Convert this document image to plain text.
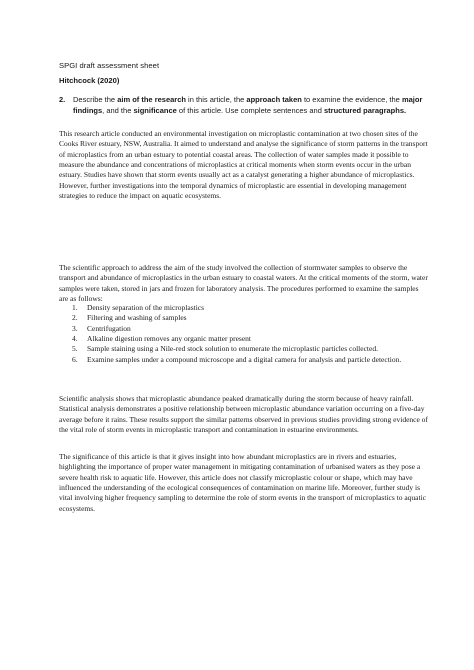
SPGI draft assessment sheet
Hitchcock (2020)
2. Describe the aim of the research in this article, the approach taken to examine the evidence, the major findings, and the significance of this article. Use complete sentences and structured paragraphs.

This research article conducted an environmental investigation on microplastic contamination at two chosen sites of the Cooks River estuary, NSW, Australia. It aimed to understand and analyse the significance of storm patterns in the transport of microplastics from an urban estuary to potential coastal areas. The collection of water samples made it possible to measure the abundance and concentrations of microplastics at critical moments when storm events occur in the urban estuary. Studies have shown that storm events usually act as a catalyst generating a higher abundance of microplastics. However, further investigations into the temporal dynamics of microplastic are essential in developing management strategies to reduce the impact on aquatic ecosystems.

The scientific approach to address the aim of the study involved the collection of stormwater samples to observe the transport and abundance of microplastics in the urban estuary to coastal waters. At the critical moments of the storm, water samples were taken, stored in jars and frozen for laboratory analysis. The procedures performed to examine the samples are as follows:

1. Density separation of the microplastics
2. Filtering and washing of samples
3. Centrifugation
4. Alkaline digestion removes any organic matter present
5. Sample staining using a Nile-red stock solution to enumerate the microplastic particles collected.
6. Examine samples under a compound microscope and a digital camera for analysis and particle detection.

Scientific analysis shows that microplastic abundance peaked dramatically during the storm because of heavy rainfall. Statistical analysis demonstrates a positive relationship between microplastic abundance variation occurring on a five-day average before it rains. These results support the similar patterns observed in previous studies providing strong evidence of the vital role of storm events in microplastic transport and contamination in estuarine environments.

The significance of this article is that it gives insight into how abundant microplastics are in rivers and estuaries, highlighting the importance of proper water management in mitigating contamination of urbanised waters as they pose a severe health risk to aquatic life. However, this article does not classify microplastic colour or shape, which may have influenced the understanding of the ecological consequences of contamination on marine life. Moreover, further study is vital involving higher frequency sampling to determine the role of storm events in the transport of microplastics to aquatic ecosystems.
